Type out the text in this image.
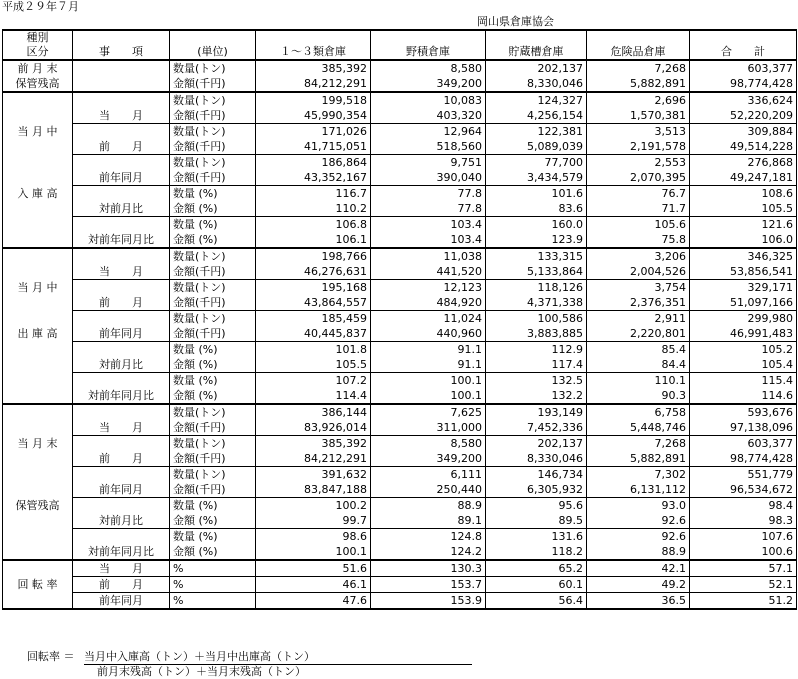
平成２９年７月
岡山県倉庫協会
種別							
区分	事　　項	(単位)	１～３類倉庫	野積倉庫	貯蔵槽倉庫	危険品倉庫	合　　計
前 月 末		数量(トン)	385,392	8,580	202,137	7,268	603,377
保管残高		金額(千円)	84,212,291	349,200	8,330,046	5,882,891	98,774,428
		数量(トン)	199,518	10,083	124,327	2,696	336,624
	当　　月	金額(千円)	45,990,354	403,320	4,256,154	1,570,381	52,220,209
当 月 中		数量(トン)	171,026	12,964	122,381	3,513	309,884
	前　　月	金額(千円)	41,715,051	518,560	5,089,039	2,191,578	49,514,228
		数量(トン)	186,864	9,751	77,700	2,553	276,868
	前年同月	金額(千円)	43,352,167	390,040	3,434,579	2,070,395	49,247,181
入 庫 高		数量 (%)	116.7	77.8	101.6	76.7	108.6
	対前月比	金額 (%)	110.2	77.8	83.6	71.7	105.5
		数量 (%)	106.8	103.4	160.0	105.6	121.6
	対前年同月比	金額 (%)	106.1	103.4	123.9	75.8	106.0
		数量(トン)	198,766	11,038	133,315	3,206	346,325
	当　　月	金額(千円)	46,276,631	441,520	5,133,864	2,004,526	53,856,541
当 月 中		数量(トン)	195,168	12,123	118,126	3,754	329,171
	前　　月	金額(千円)	43,864,557	484,920	4,371,338	2,376,351	51,097,166
		数量(トン)	185,459	11,024	100,586	2,911	299,980
出 庫 高	前年同月	金額(千円)	40,445,837	440,960	3,883,885	2,220,801	46,991,483
		数量 (%)	101.8	91.1	112.9	85.4	105.2
	対前月比	金額 (%)	105.5	91.1	117.4	84.4	105.4
		数量 (%)	107.2	100.1	132.5	110.1	115.4
	対前年同月比	金額 (%)	114.4	100.1	132.2	90.3	114.6
		数量(トン)	386,144	7,625	193,149	6,758	593,676
	当　　月	金額(千円)	83,926,014	311,000	7,452,336	5,448,746	97,138,096
当 月 末		数量(トン)	385,392	8,580	202,137	7,268	603,377
	前　　月	金額(千円)	84,212,291	349,200	8,330,046	5,882,891	98,774,428
		数量(トン)	391,632	6,111	146,734	7,302	551,779
	前年同月	金額(千円)	83,847,188	250,440	6,305,932	6,131,112	96,534,672
保管残高		数量 (%)	100.2	88.9	95.6	93.0	98.4
	対前月比	金額 (%)	99.7	89.1	89.5	92.6	98.3
		数量 (%)	98.6	124.8	131.6	92.6	107.6
	対前年同月比	金額 (%)	100.1	124.2	118.2	88.9	100.6
	当　　月	%	51.6	130.3	65.2	42.1	57.1
回 転 率	前　　月	%	46.1	153.7	60.1	49.2	52.1
	前年同月	%	47.6	153.9	56.4	36.5	51.2
回転率 ＝ 当月中入庫高（トン）＋当月中出庫高（トン）
前月末残高（トン）＋当月末残高（トン）
